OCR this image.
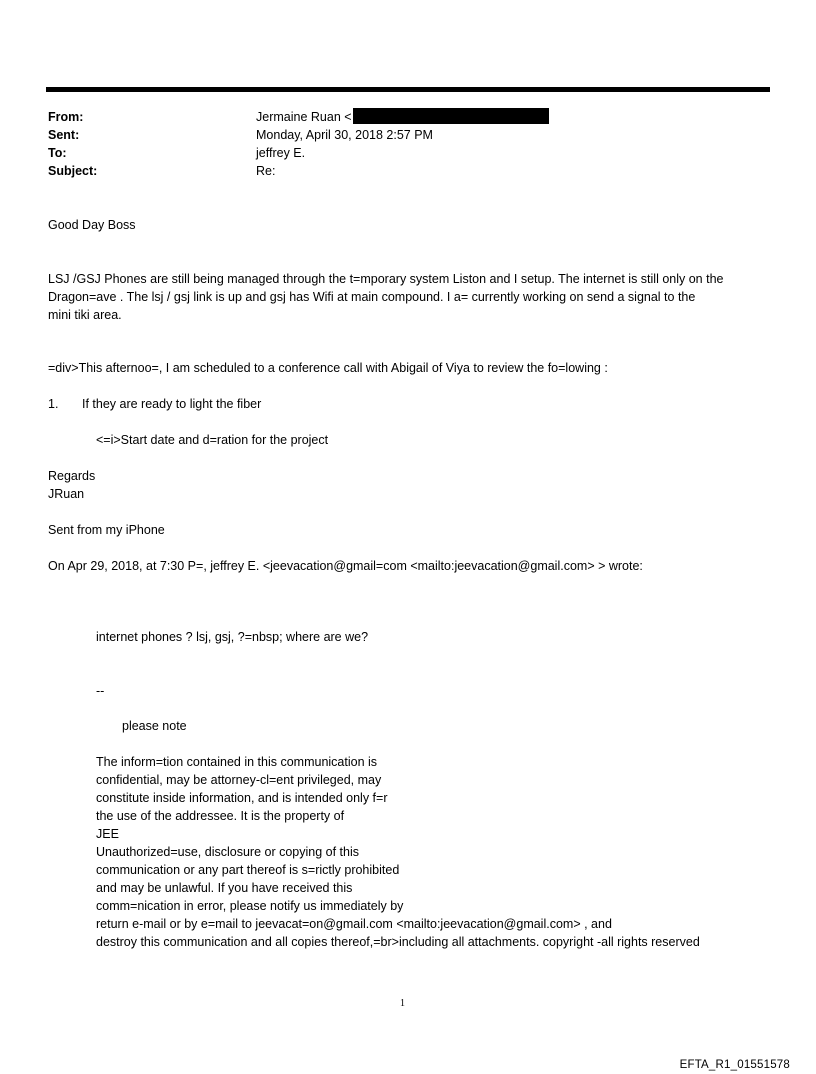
From:	Jermaine Ruan <
Sent:	Monday, April 30, 2018 2:57 PM
To:	jeffrey E.
Subject:	Re:
Good Day Boss
LSJ /GSJ Phones are still being managed through the t=mporary system Liston and I setup. The internet is still only on the
Dragon=ave . The lsj / gsj link is up and gsj has Wifi at main compound. I a= currently working on send a signal to the
mini tiki area.
=div>This afternoo=, I am scheduled to a conference call with Abigail of Viya to review the fo=lowing :
1. If they are ready to light the fiber
<=i>Start date and d=ration for the project
Regards
JRuan
Sent from my iPhone
On Apr 29, 2018, at 7:30 P=, jeffrey E. <jeevacation@gmail=com <mailto:jeevacation@gmail.com> > wrote:
internet phones ? lsj, gsj, ?=nbsp; where are we?
--
please note
The inform=tion contained in this communication is
confidential, may be attorney-cl=ent privileged, may
constitute inside information, and is intended only f=r
the use of the addressee. It is the property of
JEE
Unauthorized=use, disclosure or copying of this
communication or any part thereof is s=rictly prohibited
and may be unlawful. If you have received this
comm=nication in error, please notify us immediately by
return e-mail or by e=mail to jeevacat=on@gmail.com <mailto:jeevacation@gmail.com> , and
destroy this communication and all copies thereof,=br>including all attachments. copyright -all rights reserved
1
EFTA_R1_01551578
